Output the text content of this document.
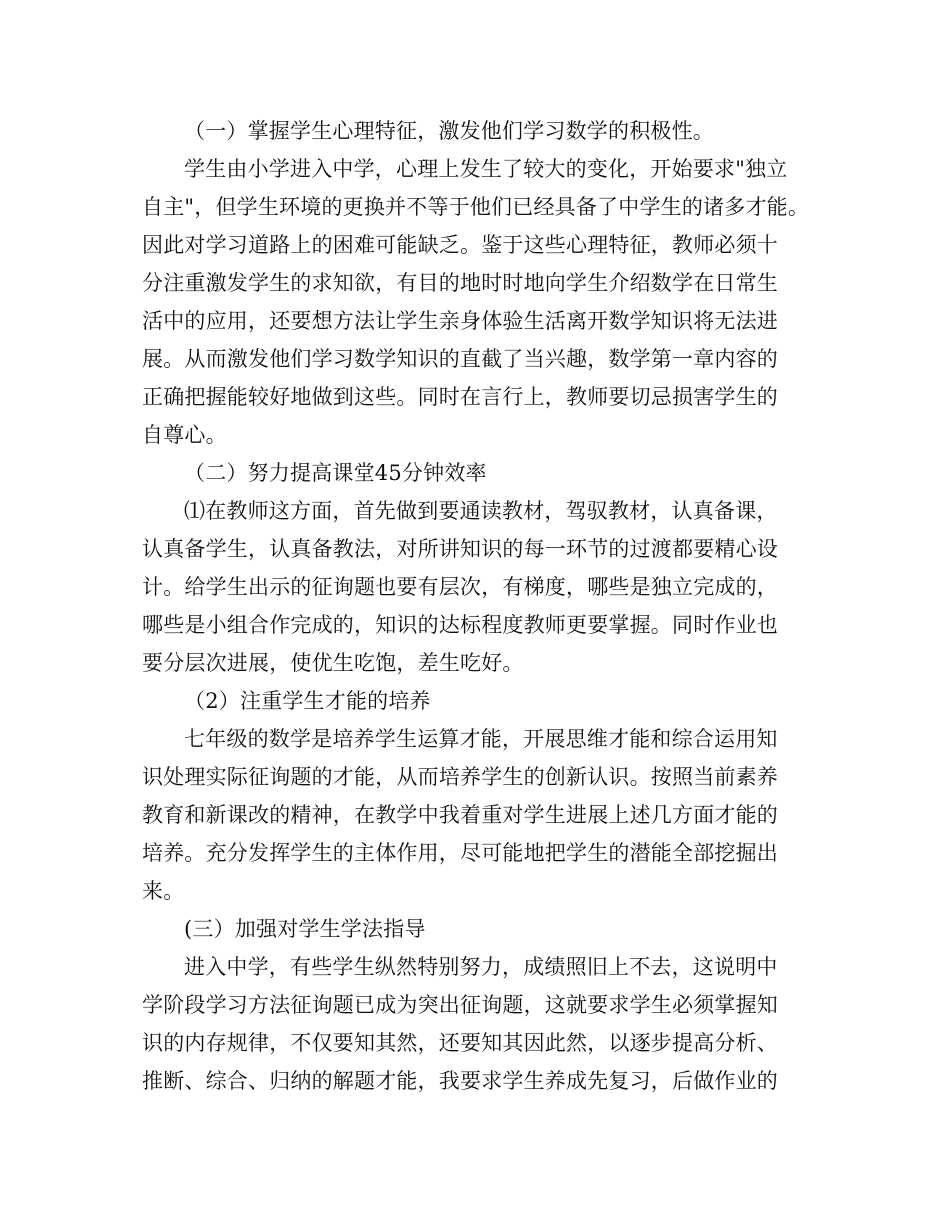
（一）掌握学生心理特征，激发他们学习数学的积极性。
学生由小学进入中学，心理上发生了较大的变化，开始要求"独立
自主"，但学生环境的更换并不等于他们已经具备了中学生的诸多才能。
因此对学习道路上的困难可能缺乏。鉴于这些心理特征，教师必须十
分注重激发学生的求知欲，有目的地时时地向学生介绍数学在日常生
活中的应用，还要想方法让学生亲身体验生活离开数学知识将无法进
展。从而激发他们学习数学知识的直截了当兴趣，数学第一章内容的
正确把握能较好地做到这些。同时在言行上，教师要切忌损害学生的
自尊心。
（二）努力提高课堂45分钟效率
⑴在教师这方面，首先做到要通读教材，驾驭教材，认真备课，
认真备学生，认真备教法，对所讲知识的每一环节的过渡都要精心设
计。给学生出示的征询题也要有层次，有梯度，哪些是独立完成的，
哪些是小组合作完成的，知识的达标程度教师更要掌握。同时作业也
要分层次进展，使优生吃饱，差生吃好。
（2）注重学生才能的培养
七年级的数学是培养学生运算才能，开展思维才能和综合运用知
识处理实际征询题的才能，从而培养学生的创新认识。按照当前素养
教育和新课改的精神，在教学中我着重对学生进展上述几方面才能的
培养。充分发挥学生的主体作用，尽可能地把学生的潜能全部挖掘出
来。
(三）加强对学生学法指导
进入中学，有些学生纵然特别努力，成绩照旧上不去，这说明中
学阶段学习方法征询题已成为突出征询题，这就要求学生必须掌握知
识的内存规律，不仅要知其然，还要知其因此然，以逐步提高分析、
推断、综合、归纳的解题才能，我要求学生养成先复习，后做作业的
